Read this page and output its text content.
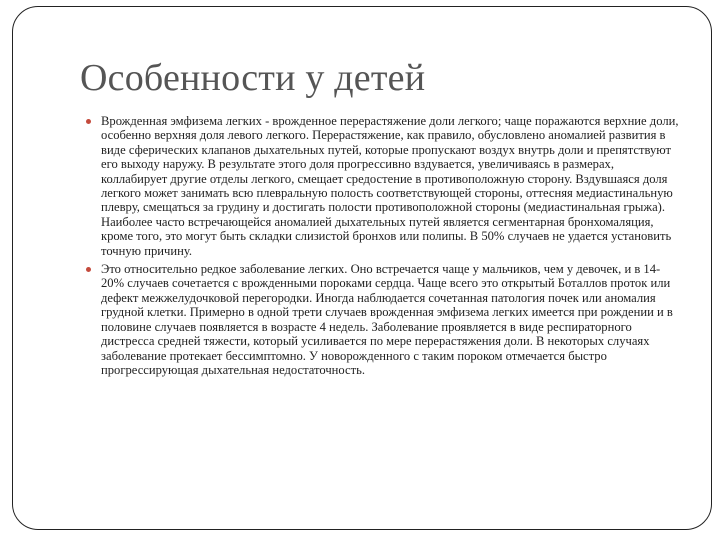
Особенности у детей
Врожденная эмфизема легких - врожденное перерастяжение доли легкого; чаще поражаются верхние доли, особенно верхняя доля левого легкого. Перерастяжение, как правило, обусловлено аномалией развития в виде сферических клапанов дыхательных путей, которые пропускают воздух внутрь доли и препятствуют его выходу наружу. В результате этого доля прогрессивно вздувается, увеличиваясь в размерах, коллабирует другие отделы легкого, смещает средостение в противоположную сторону. Вздувшаяся доля легкого может занимать всю плевральную полость соответствующей стороны, оттесняя медиастинальную плевру, смещаться за грудину и достигать полости противоположной стороны (медиастинальная грыжа). Наиболее часто встречающейся аномалией дыхательных путей является сегментарная бронхомаляция, кроме того, это могут быть складки слизистой бронхов или полипы. В 50% случаев не удается установить точную причину.
Это относительно редкое заболевание легких. Оно встречается чаще у мальчиков, чем у девочек, и в 14-20% случаев сочетается с врожденными пороками сердца. Чаще всего это открытый Боталлов проток или дефект межжелудочковой перегородки. Иногда наблюдается сочетанная патология почек или аномалия грудной клетки. Примерно в одной трети случаев врожденная эмфизема легких имеется при рождении и в половине случаев появляется в возрасте 4 недель. Заболевание проявляется в виде респираторного дистресса средней тяжести, который усиливается по мере перерастяжения доли. В некоторых случаях заболевание протекает бессимптомно. У новорожденного с таким пороком отмечается быстро прогрессирующая дыхательная недостаточность.
